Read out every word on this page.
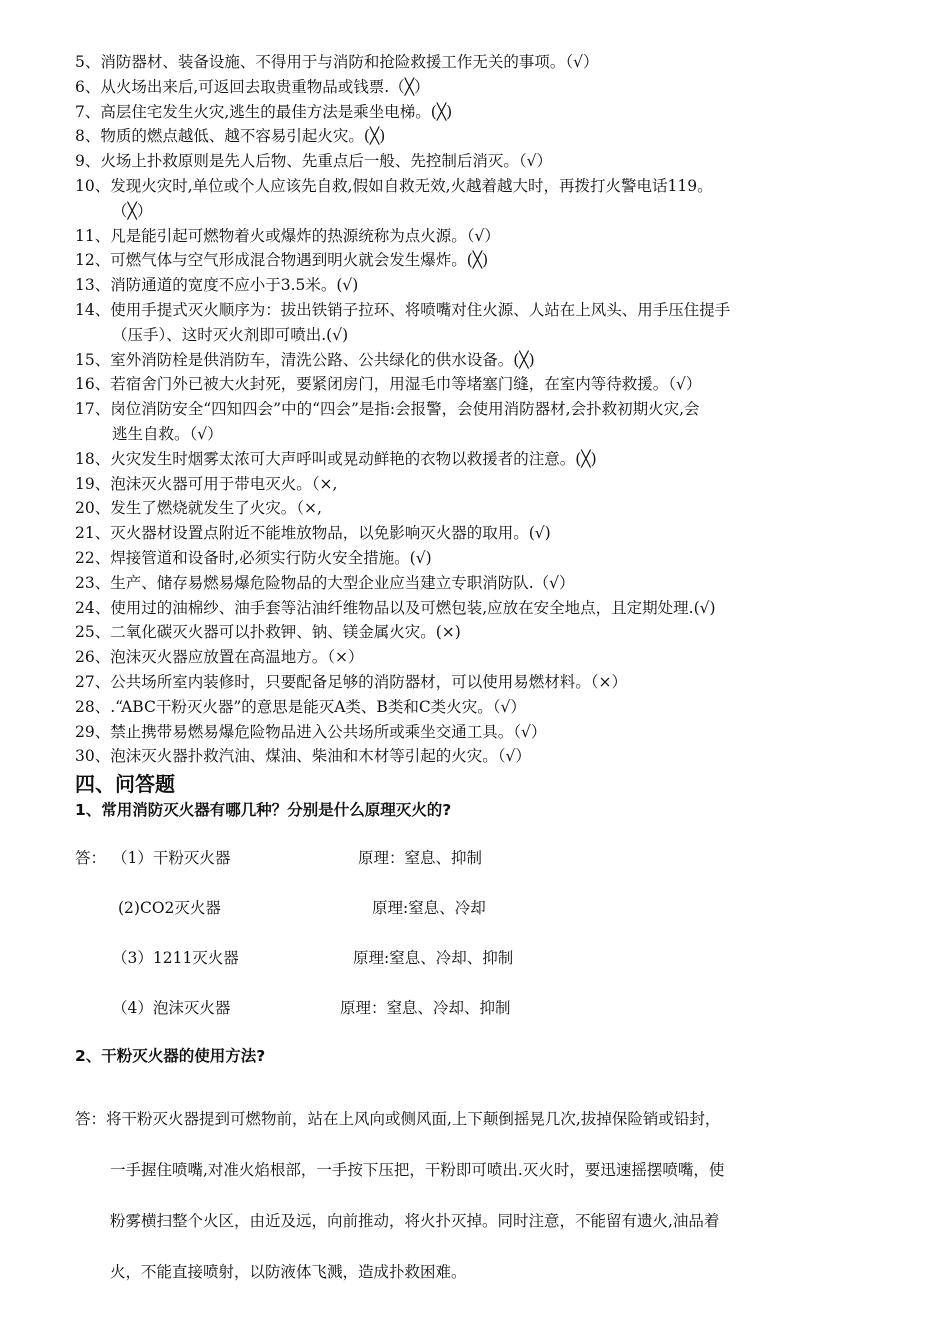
5、 消防器材、装备设施、不得用于与消防和抢险救援工作无关的事项。（√）
6、 从火场出来后,可返回去取贵重物品或钱票.（╳）
7、 高层住宅发生火灾,逃生的最佳方法是乘坐电梯。(╳)
8、 物质的燃点越低、越不容易引起火灾。(╳)
9、 火场上扑救原则是先人后物、先重点后一般、先控制后消灭。（√）
10、 发现火灾时,单位或个人应该先自救,假如自救无效,火越着越大时，再拨打火警电话119。
（╳）
11、 凡是能引起可燃物着火或爆炸的热源统称为点火源。（√）
12、 可燃气体与空气形成混合物遇到明火就会发生爆炸。(╳)
13、 消防通道的宽度不应小于3.5米。(√)
14、 使用手提式灭火顺序为：拔出铁销子拉环、将喷嘴对住火源、人站在上风头、用手压住提手
（压手）、这时灭火剂即可喷出.(√)
15、 室外消防栓是供消防车，清洗公路、公共绿化的供水设备。(╳)
16、 若宿舍门外已被大火封死，要紧闭房门，用湿毛巾等堵塞门缝，在室内等待救援。（√）
17、 岗位消防安全“四知四会”中的“四会”是指:会报警，会使用消防器材,会扑救初期火灾,会
逃生自救。（√）
18、 火灾发生时烟雾太浓可大声呼叫或晃动鲜艳的衣物以救援者的注意。(╳)
19、 泡沫灭火器可用于带电灭火。（×,
20、 发生了燃烧就发生了火灾。（×,
21、 灭火器材设置点附近不能堆放物品，以免影响灭火器的取用。(√)
22、 焊接管道和设备时,必须实行防火安全措施。(√)
23、 生产、储存易燃易爆危险物品的大型企业应当建立专职消防队.（√）
24、 使用过的油棉纱、油手套等沾油纤维物品以及可燃包装,应放在安全地点，且定期处理.(√)
25、 二氧化碳灭火器可以扑救钾、钠、镁金属火灾。(×)
26、 泡沫灭火器应放置在高温地方。（×）
27、 公共场所室内装修时，只要配备足够的消防器材，可以使用易燃材料。（×）
28、 .“ABC干粉灭火器”的意思是能灭A类、B类和C类火灾。（√）
29、 禁止携带易燃易爆危险物品进入公共场所或乘坐交通工具。（√）
30、 泡沫灭火器扑救汽油、煤油、柴油和木材等引起的火灾。（√）
四、问答题
1、常用消防灭火器有哪几种？分别是什么原理灭火的?
答： （1）干粉灭火器	原理：窒息、抑制
(2)CO2灭火器	原理:窒息、冷却
（3）1211灭火器	原理:窒息、冷却、抑制
（4）泡沫灭火器	原理：窒息、冷却、抑制
2、干粉灭火器的使用方法?
答：将干粉灭火器提到可燃物前，站在上风向或侧风面,上下颠倒摇晃几次,拔掉保险销或铅封，
一手握住喷嘴,对准火焰根部，一手按下压把，干粉即可喷出.灭火时，要迅速摇摆喷嘴，使
粉雾横扫整个火区，由近及远，向前推动，将火扑灭掉。同时注意，不能留有遗火,油品着
火，不能直接喷射，以防液体飞溅，造成扑救困难。
